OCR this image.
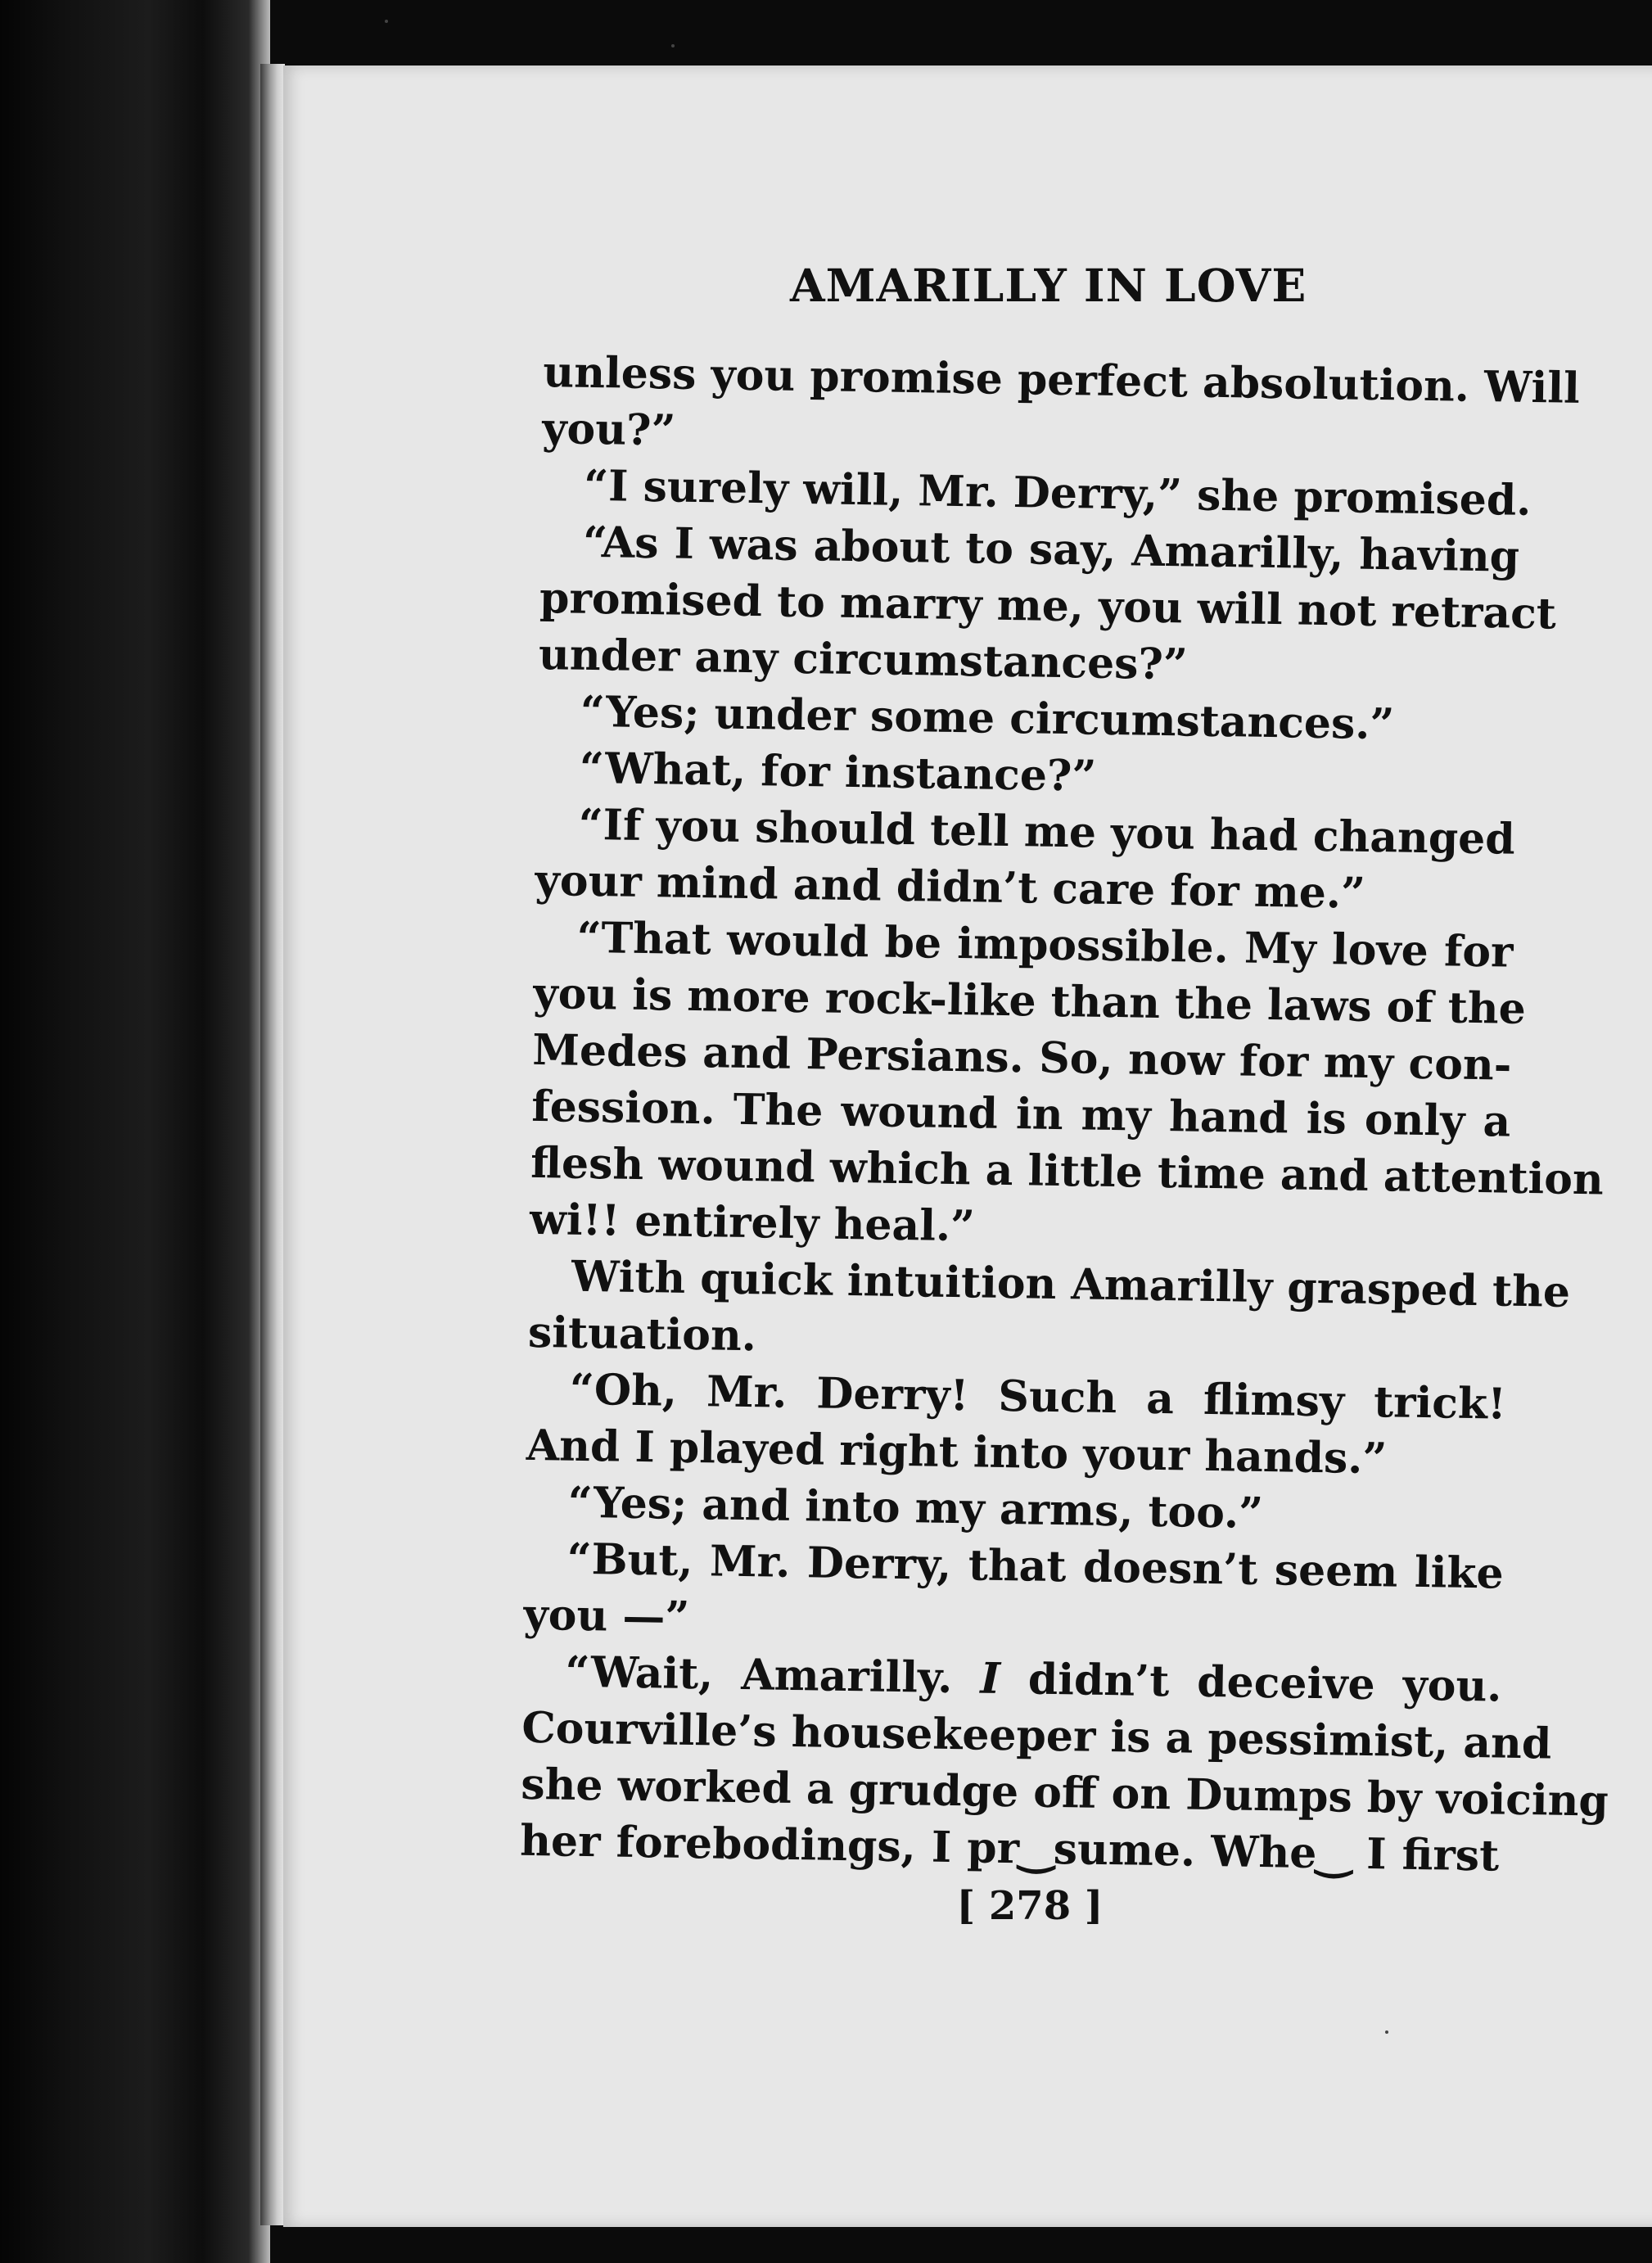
unless you promise perfect absolution. Will
you?”
“I surely will, Mr. Derry,” she promised.
“As I was about to say, Amarilly, having
promised to marry me, you will not retract
under any circumstances?”
“Yes; under some circumstances.”
“What, for instance?”
“If you should tell me you had changed
your mind and didn’t care for me.”
“That would be impossible. My love for
you is more rock-like than the laws of the
Medes and Persians. So, now for my con-
fession. The wound in my hand is only a
flesh wound which a little time and attention
wi!! entirely heal.”
With quick intuition Amarilly grasped the
situation.
“Oh, Mr. Derry! Such a flimsy trick!
And I played right into your hands.”
“Yes; and into my arms, too.”
“But, Mr. Derry, that doesn’t seem like
you —”
“Wait, Amarilly. I didn’t deceive you.
Courville’s housekeeper is a pessimist, and
she worked a grudge off on Dumps by voicing
her forebodings, I pr‿sume. Whe‿ I first
[ 278 ]
